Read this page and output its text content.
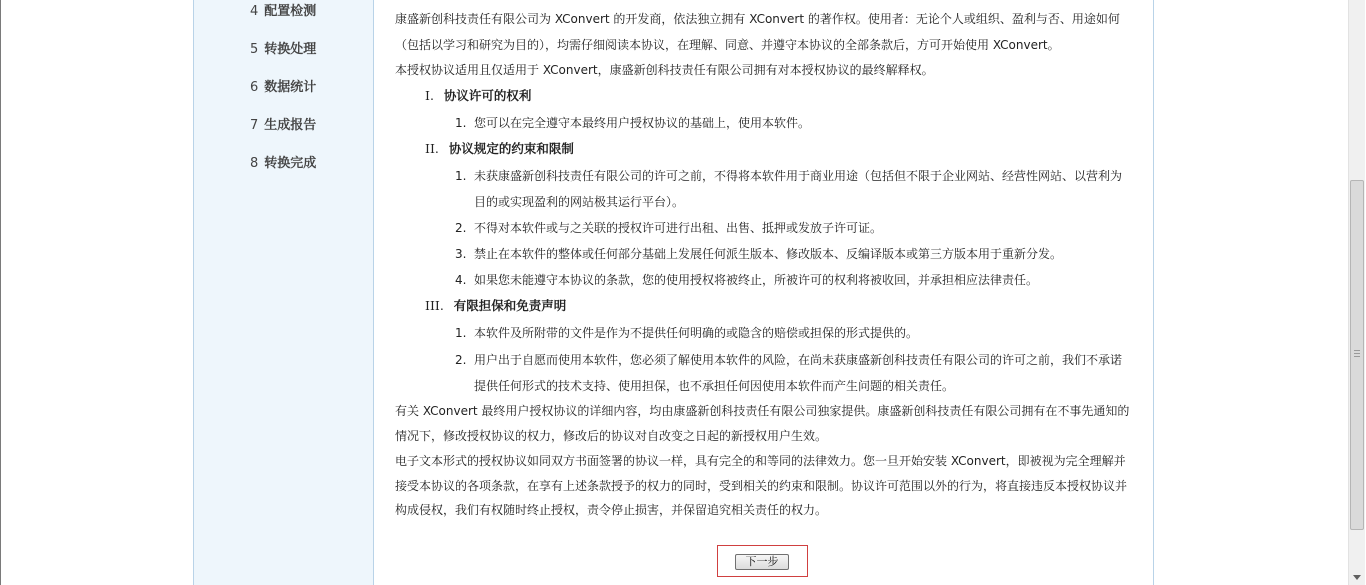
4 配置检测
5 转换处理
6 数据统计
7 生成报告
8 转换完成
康盛新创科技责任有限公司为 XConvert 的开发商，依法独立拥有 XConvert 的著作权。使用者：无论个人或组织、盈利与否、用途如何
（包括以学习和研究为目的），均需仔细阅读本协议，在理解、同意、并遵守本协议的全部条款后，方可开始使用 XConvert。
本授权协议适用且仅适用于 XConvert，康盛新创科技责任有限公司拥有对本授权协议的最终解释权。
I. 协议许可的权利
1. 您可以在完全遵守本最终用户授权协议的基础上，使用本软件。
II. 协议规定的约束和限制
1. 未获康盛新创科技责任有限公司的许可之前，不得将本软件用于商业用途（包括但不限于企业网站、经营性网站、以营利为
目的或实现盈利的网站极其运行平台）。
2. 不得对本软件或与之关联的授权许可进行出租、出售、抵押或发放子许可证。
3. 禁止在本软件的整体或任何部分基础上发展任何派生版本、修改版本、反编译版本或第三方版本用于重新分发。
4. 如果您未能遵守本协议的条款，您的使用授权将被终止，所被许可的权利将被收回，并承担相应法律责任。
III. 有限担保和免责声明
1. 本软件及所附带的文件是作为不提供任何明确的或隐含的赔偿或担保的形式提供的。
2. 用户出于自愿而使用本软件，您必须了解使用本软件的风险，在尚未获康盛新创科技责任有限公司的许可之前，我们不承诺
提供任何形式的技术支持、使用担保，也不承担任何因使用本软件而产生问题的相关责任。
有关 XConvert 最终用户授权协议的详细内容，均由康盛新创科技责任有限公司独家提供。康盛新创科技责任有限公司拥有在不事先通知的
情况下，修改授权协议的权力，修改后的协议对自改变之日起的新授权用户生效。
电子文本形式的授权协议如同双方书面签署的协议一样，具有完全的和等同的法律效力。您一旦开始安装 XConvert，即被视为完全理解并
接受本协议的各项条款，在享有上述条款授予的权力的同时，受到相关的约束和限制。协议许可范围以外的行为，将直接违反本授权协议并
构成侵权，我们有权随时终止授权，责令停止损害，并保留追究相关责任的权力。
下一步
